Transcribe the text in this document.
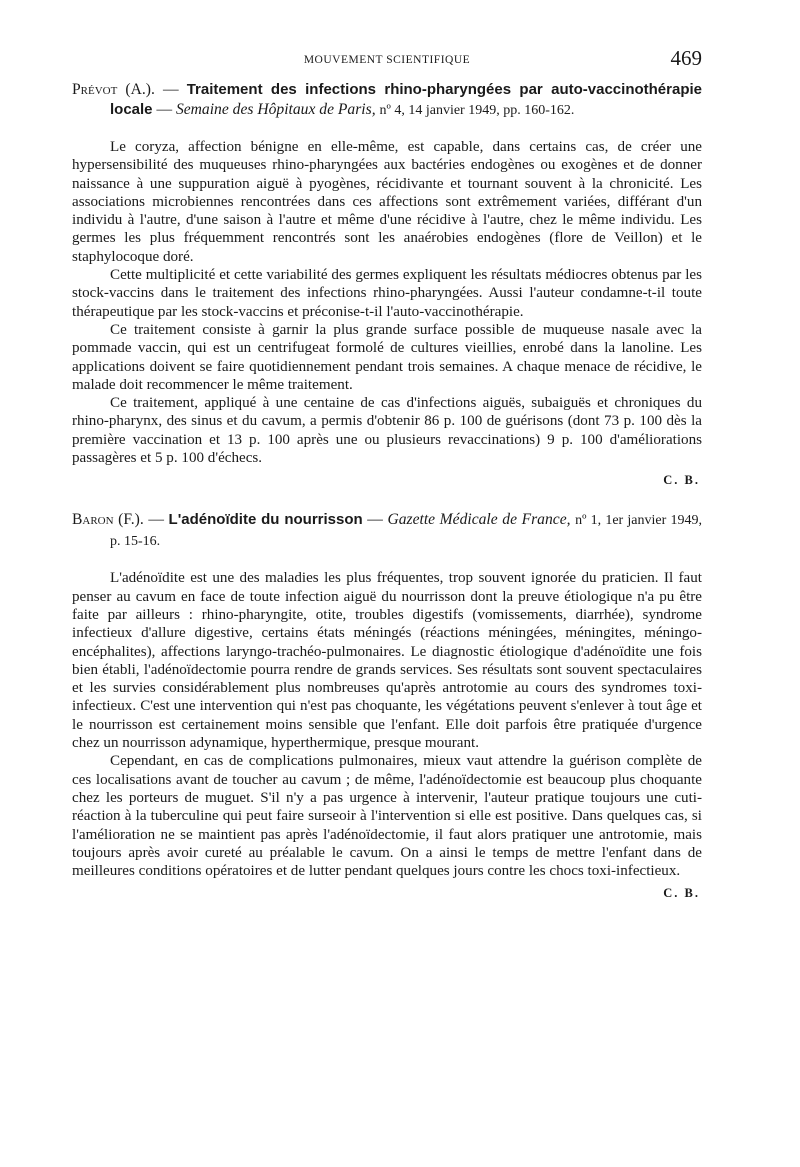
MOUVEMENT SCIENTIFIQUE	469

Prévot (A.). — Traitement des infections rhino-pharyngées par auto-vaccinothérapie locale — Semaine des Hôpitaux de Paris, nº 4, 14 janvier 1949, pp. 160-162.

Le coryza, affection bénigne en elle-même, est capable, dans certains cas, de créer une hypersensibilité des muqueuses rhino-pharyngées aux bactéries endogènes ou exogènes et de donner naissance à une suppuration aiguë à pyogènes, récidivante et tournant souvent à la chronicité. Les associations microbiennes rencontrées dans ces affections sont extrêmement variées, différant d'un individu à l'autre, d'une saison à l'autre et même d'une récidive à l'autre, chez le même individu. Les germes les plus fréquemment rencontrés sont les anaérobies endogènes (flore de Veillon) et le staphylocoque doré.

Cette multiplicité et cette variabilité des germes expliquent les résultats médiocres obtenus par les stock-vaccins dans le traitement des infections rhino-pharyngées. Aussi l'auteur condamne-t-il toute thérapeutique par les stock-vaccins et préconise-t-il l'auto-vaccinothérapie.

Ce traitement consiste à garnir la plus grande surface possible de muqueuse nasale avec la pommade vaccin, qui est un centrifugeat formolé de cultures vieillies, enrobé dans la lanoline. Les applications doivent se faire quotidiennement pendant trois semaines. A chaque menace de récidive, le malade doit recommencer le même traitement.

Ce traitement, appliqué à une centaine de cas d'infections aiguës, subaiguës et chroniques du rhino-pharynx, des sinus et du cavum, a permis d'obtenir 86 p. 100 de guérisons (dont 73 p. 100 dès la première vaccination et 13 p. 100 après une ou plusieurs revaccinations) 9 p. 100 d'améliorations passagères et 5 p. 100 d'échecs.

C. B.

Baron (F.). — L'adénoïdite du nourrisson — Gazette Médicale de France, nº 1, 1er janvier 1949, p. 15-16.

L'adénoïdite est une des maladies les plus fréquentes, trop souvent ignorée du praticien. Il faut penser au cavum en face de toute infection aiguë du nourrisson dont la preuve étiologique n'a pu être faite par ailleurs : rhino-pharyngite, otite, troubles digestifs (vomissements, diarrhée), syndrome infectieux d'allure digestive, certains états méningés (réactions méningées, méningites, méningo-encéphalites), affections laryngo-trachéo-pulmonaires. Le diagnostic étiologique d'adénoïdite une fois bien établi, l'adénoïdectomie pourra rendre de grands services. Ses résultats sont souvent spectaculaires et les survies considérablement plus nombreuses qu'après antrotomie au cours des syndromes toxi-infectieux. C'est une intervention qui n'est pas choquante, les végétations peuvent s'enlever à tout âge et le nourrisson est certainement moins sensible que l'enfant. Elle doit parfois être pratiquée d'urgence chez un nourrisson adynamique, hyperthermique, presque mourant.

Cependant, en cas de complications pulmonaires, mieux vaut attendre la guérison complète de ces localisations avant de toucher au cavum ; de même, l'adénoïdectomie est beaucoup plus choquante chez les porteurs de muguet. S'il n'y a pas urgence à intervenir, l'auteur pratique toujours une cuti-réaction à la tuberculine qui peut faire surseoir à l'intervention si elle est positive. Dans quelques cas, si l'amélioration ne se maintient pas après l'adénoïdectomie, il faut alors pratiquer une antrotomie, mais toujours après avoir cureté au préalable le cavum. On a ainsi le temps de mettre l'enfant dans de meilleures conditions opératoires et de lutter pendant quelques jours contre les chocs toxi-infectieux.

C. B.
